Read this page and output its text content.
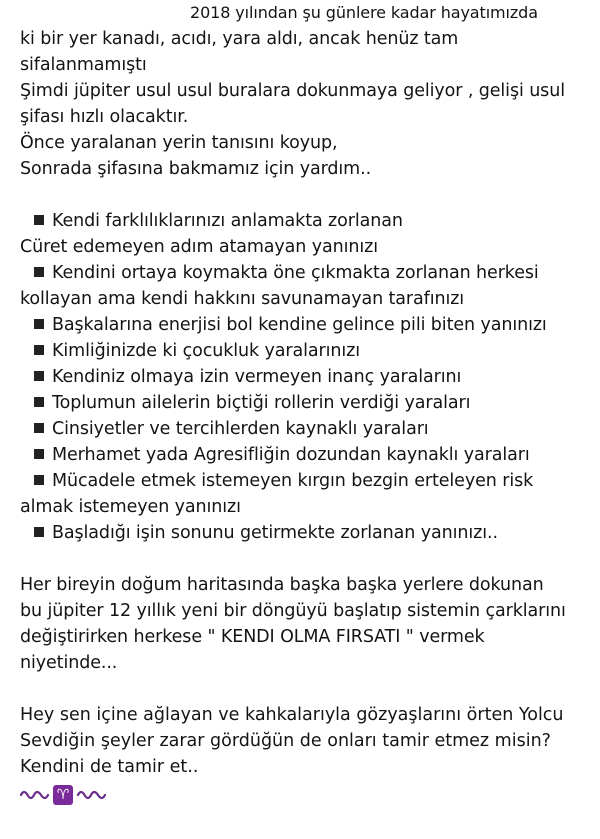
2018 yılından şu günlere kadar hayatımızda
ki bir yer kanadı, acıdı, yara aldı, ancak henüz tam
sifalanmamıştı
Şimdi jüpiter usul usul buralara dokunmaya geliyor , gelişi usul
şifası hızlı olacaktır.
Önce yaralanan yerin tanısını koyup,
Sonrada şifasına bakmamız için yardım..
Kendi farklılıklarınızı anlamakta zorlanan
Cüret edemeyen adım atamayan yanınızı
Kendini ortaya koymakta öne çıkmakta zorlanan herkesi
kollayan ama kendi hakkını savunamayan tarafınızı
Başkalarına enerjisi bol kendine gelince pili biten yanınızı
Kimliğinizde ki çocukluk yaralarınızı
Kendiniz olmaya izin vermeyen inanç yaralarını
Toplumun ailelerin biçtiği rollerin verdiği yaraları
Cinsiyetler ve tercihlerden kaynaklı yaraları
Merhamet yada Agresifliğin dozundan kaynaklı yaraları
Mücadele etmek istemeyen kırgın bezgin erteleyen risk
almak istemeyen yanınızı
Başladığı işin sonunu getirmekte zorlanan yanınızı..
Her bireyin doğum haritasında başka başka yerlere dokunan
bu jüpiter 12 yıllık yeni bir döngüyü başlatıp sistemin çarklarını
değiştirirken herkese " KENDI OLMA FIRSATI " vermek
niyetinde...
Hey sen içine ağlayan ve kahkalarıyla gözyaşlarını örten Yolcu
Sevdiğin şeyler zarar gördüğün de onları tamir etmez misin?
Kendini de tamir et..
♈
